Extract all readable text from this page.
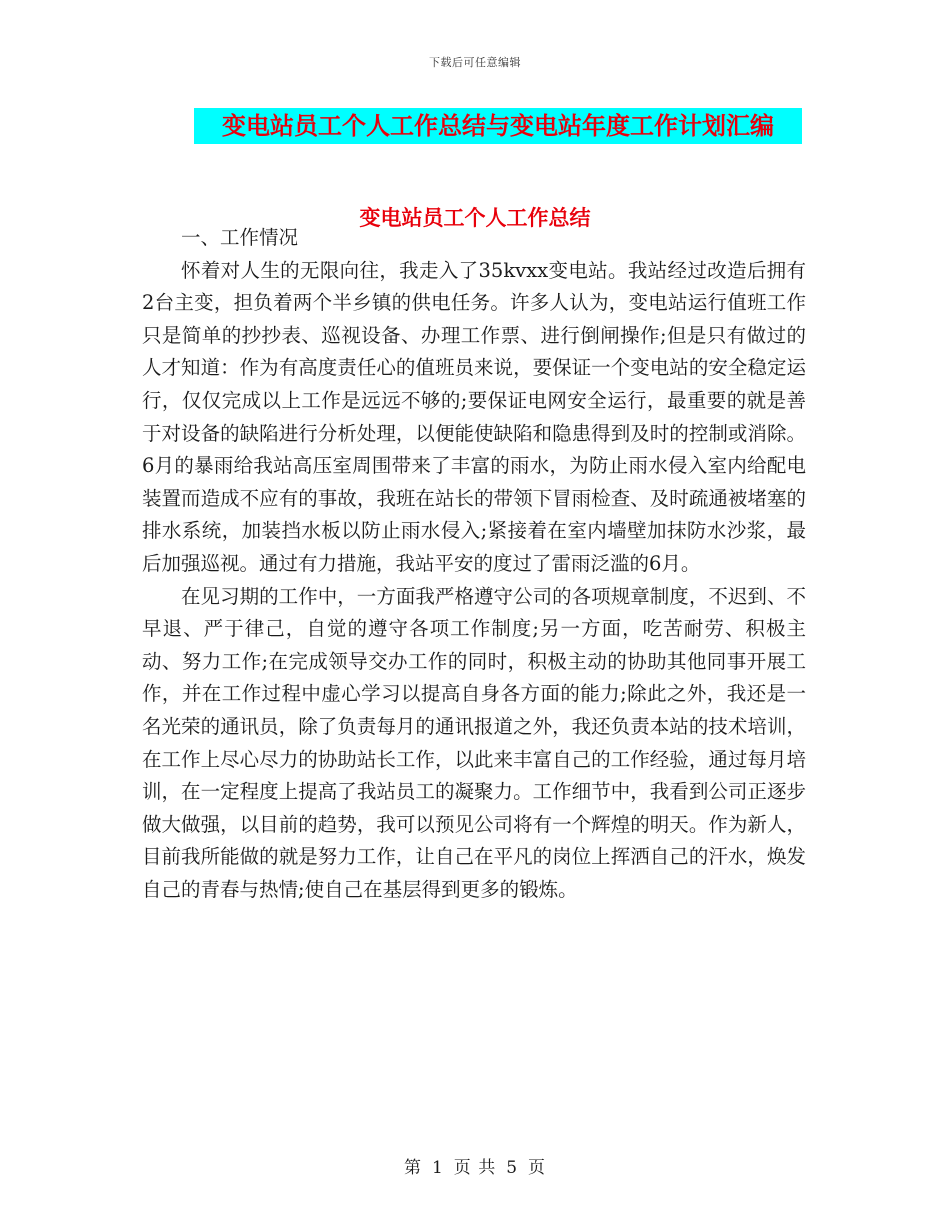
下载后可任意编辑
变电站员工个人工作总结与变电站年度工作计划汇编
变电站员工个人工作总结

一、工作情况

怀着对人生的无限向往，我走入了35kvxx变电站。我站经过改造后拥有2台主变，担负着两个半乡镇的供电任务。许多人认为，变电站运行值班工作只是简单的抄抄表、巡视设备、办理工作票、进行倒闸操作;但是只有做过的人才知道：作为有高度责任心的值班员来说，要保证一个变电站的安全稳定运行，仅仅完成以上工作是远远不够的;要保证电网安全运行，最重要的就是善于对设备的缺陷进行分析处理，以便能使缺陷和隐患得到及时的控制或消除。6月的暴雨给我站高压室周围带来了丰富的雨水，为防止雨水侵入室内给配电装置而造成不应有的事故，我班在站长的带领下冒雨检查、及时疏通被堵塞的排水系统，加装挡水板以防止雨水侵入;紧接着在室内墙壁加抹防水沙浆，最后加强巡视。通过有力措施，我站平安的度过了雷雨泛滥的6月。

在见习期的工作中，一方面我严格遵守公司的各项规章制度，不迟到、不早退、严于律己，自觉的遵守各项工作制度;另一方面，吃苦耐劳、积极主动、努力工作;在完成领导交办工作的同时，积极主动的协助其他同事开展工作，并在工作过程中虚心学习以提高自身各方面的能力;除此之外，我还是一名光荣的通讯员，除了负责每月的通讯报道之外，我还负责本站的技术培训，在工作上尽心尽力的协助站长工作，以此来丰富自己的工作经验，通过每月培训，在一定程度上提高了我站员工的凝聚力。工作细节中，我看到公司正逐步做大做强，以目前的趋势，我可以预见公司将有一个辉煌的明天。作为新人，目前我所能做的就是努力工作，让自己在平凡的岗位上挥洒自己的汗水，焕发自己的青春与热情;使自己在基层得到更多的锻炼。

第 1 页 共 5 页
